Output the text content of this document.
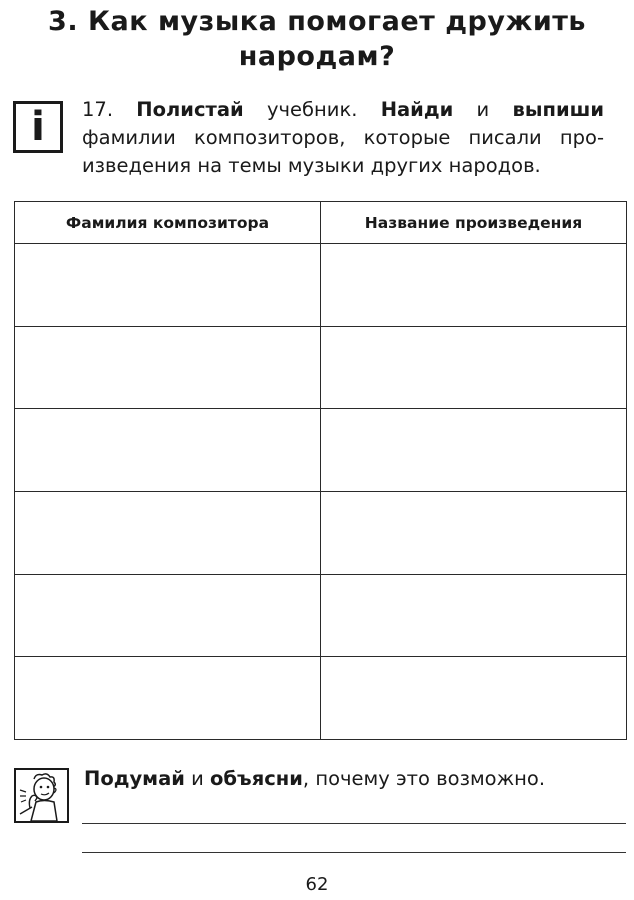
3. Как музыка помогает дружить
народам?
i 17. Полистай учебник. Найди и выпиши фамилии композиторов, которые писали про-изведения на темы музыки других народов.
Фамилия композитора	Название произведения

Подумай и объясни, почему это возможно.
62
